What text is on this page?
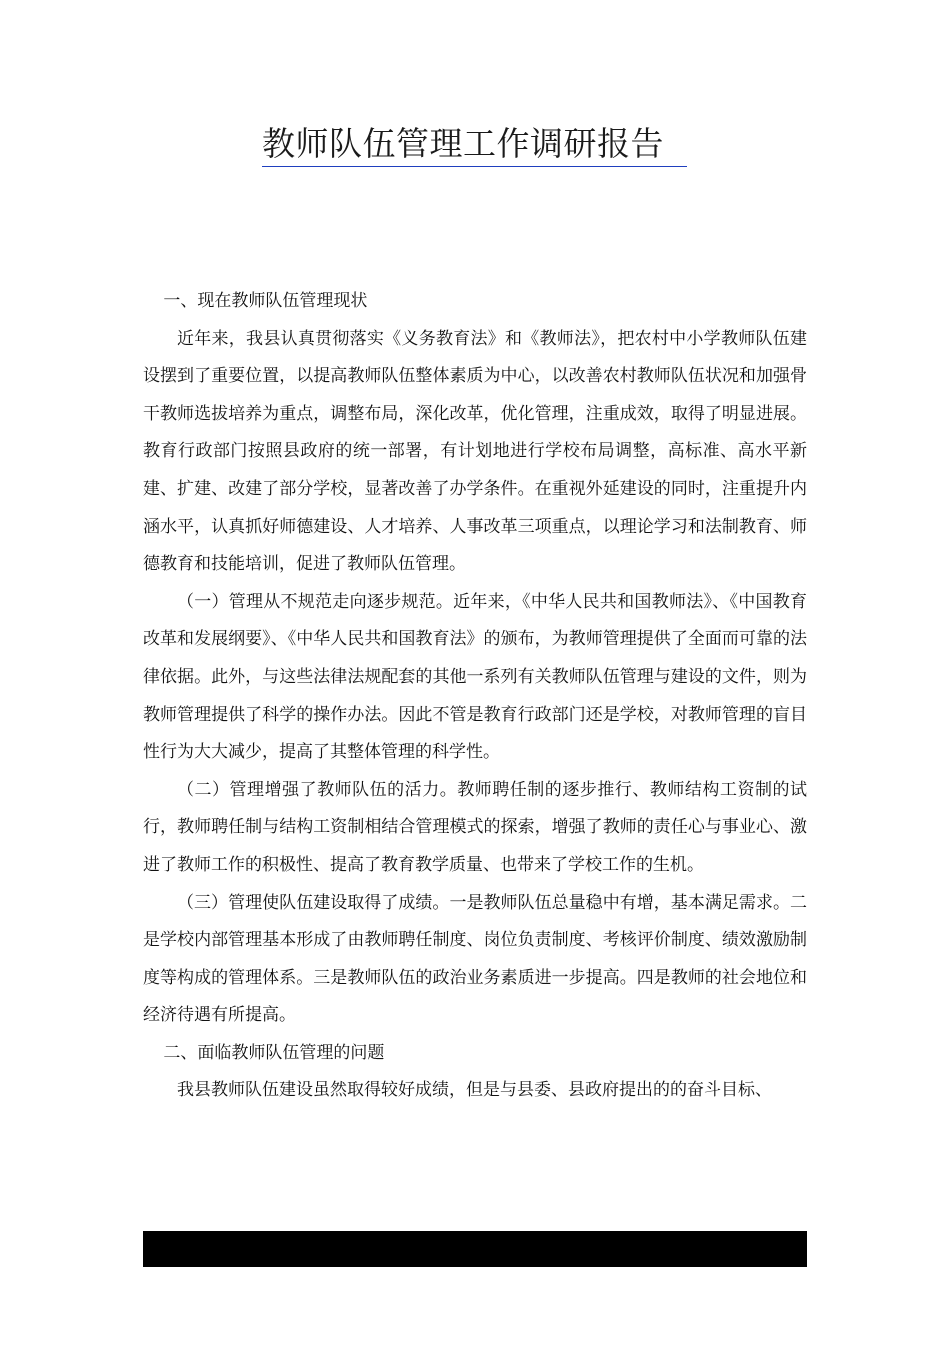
教师队伍管理工作调研报告

一、现在教师队伍管理现状

近年来，我县认真贯彻落实《义务教育法》和《教师法》，把农村中小学教师队伍建设摆到了重要位置，以提高教师队伍整体素质为中心，以改善农村教师队伍状况和加强骨干教师选拔培养为重点，调整布局，深化改革，优化管理，注重成效，取得了明显进展。教育行政部门按照县政府的统一部署，有计划地进行学校布局调整，高标准、高水平新建、扩建、改建了部分学校，显著改善了办学条件。在重视外延建设的同时，注重提升内涵水平，认真抓好师德建设、人才培养、人事改革三项重点，以理论学习和法制教育、师德教育和技能培训，促进了教师队伍管理。

（一）管理从不规范走向逐步规范。近年来，《中华人民共和国教师法》、《中国教育改革和发展纲要》、《中华人民共和国教育法》的颁布，为教师管理提供了全面而可靠的法律依据。此外，与这些法律法规配套的其他一系列有关教师队伍管理与建设的文件，则为教师管理提供了科学的操作办法。因此不管是教育行政部门还是学校，对教师管理的盲目性行为大大减少，提高了其整体管理的科学性。

（二）管理增强了教师队伍的活力。教师聘任制的逐步推行、教师结构工资制的试行，教师聘任制与结构工资制相结合管理模式的探索，增强了教师的责任心与事业心、激进了教师工作的积极性、提高了教育教学质量、也带来了学校工作的生机。

（三）管理使队伍建设取得了成绩。一是教师队伍总量稳中有增，基本满足需求。二是学校内部管理基本形成了由教师聘任制度、岗位负责制度、考核评价制度、绩效激励制度等构成的管理体系。三是教师队伍的政治业务素质进一步提高。四是教师的社会地位和经济待遇有所提高。

二、面临教师队伍管理的问题

我县教师队伍建设虽然取得较好成绩，但是与县委、县政府提出的的奋斗目标、
